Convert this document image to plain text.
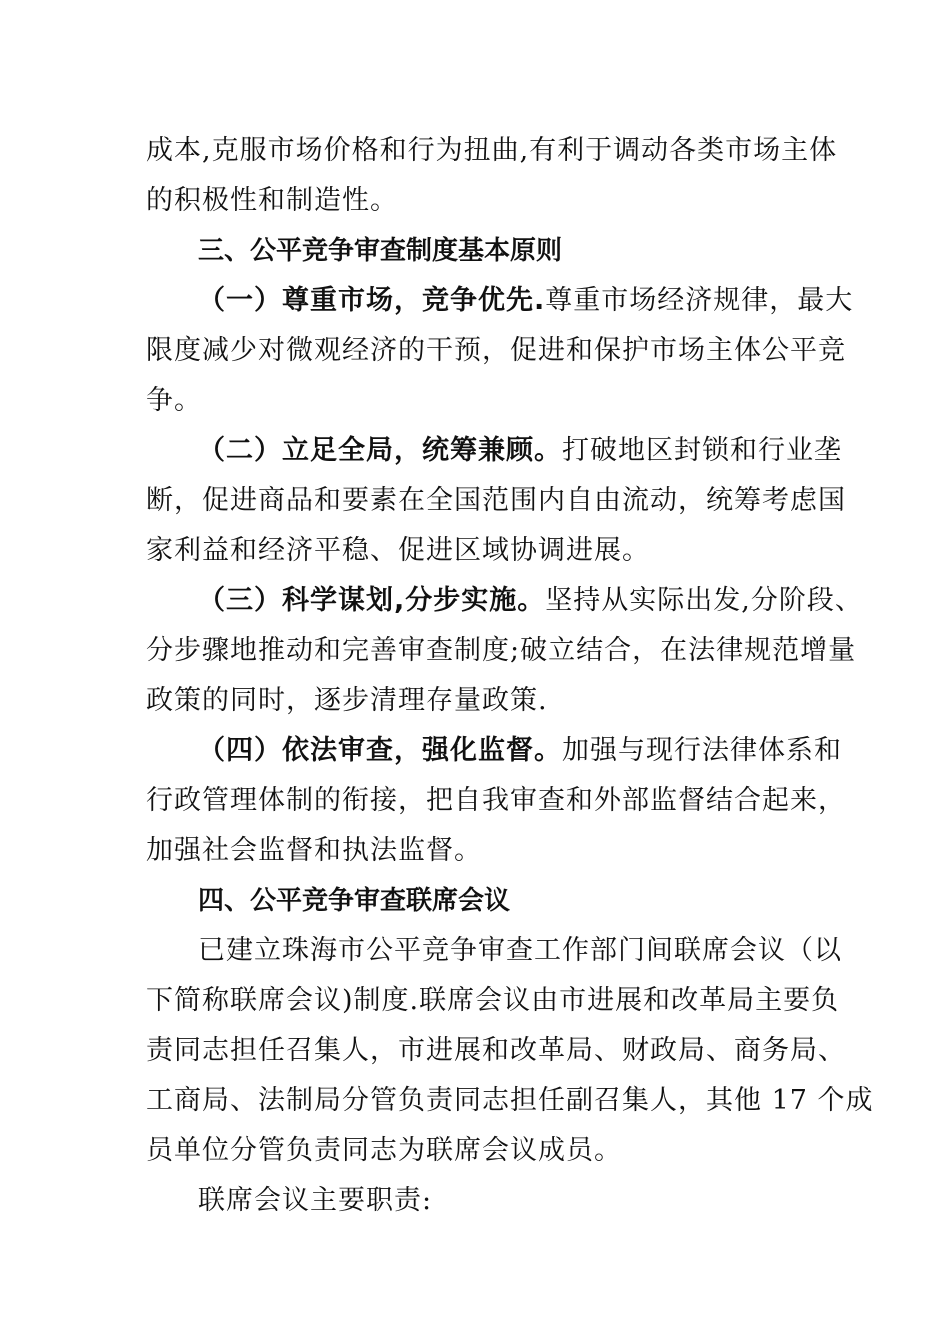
成本,克服市场价格和行为扭曲,有利于调动各类市场主体
的积极性和制造性。

三、公平竞争审查制度基本原则

（一）尊重市场，竞争优先.尊重市场经济规律，最大
限度减少对微观经济的干预，促进和保护市场主体公平竞
争。

（二）立足全局，统筹兼顾。打破地区封锁和行业垄
断，促进商品和要素在全国范围内自由流动，统筹考虑国
家利益和经济平稳、促进区域协调进展。

（三）科学谋划,分步实施。坚持从实际出发,分阶段、
分步骤地推动和完善审查制度;破立结合，在法律规范增量
政策的同时，逐步清理存量政策.

（四）依法审查，强化监督。加强与现行法律体系和
行政管理体制的衔接，把自我审查和外部监督结合起来，
加强社会监督和执法监督。

四、公平竞争审查联席会议

已建立珠海市公平竞争审查工作部门间联席会议（以
下简称联席会议)制度.联席会议由市进展和改革局主要负
责同志担任召集人，市进展和改革局、财政局、商务局、
工商局、法制局分管负责同志担任副召集人，其他 17 个成
员单位分管负责同志为联席会议成员。

联席会议主要职责:
